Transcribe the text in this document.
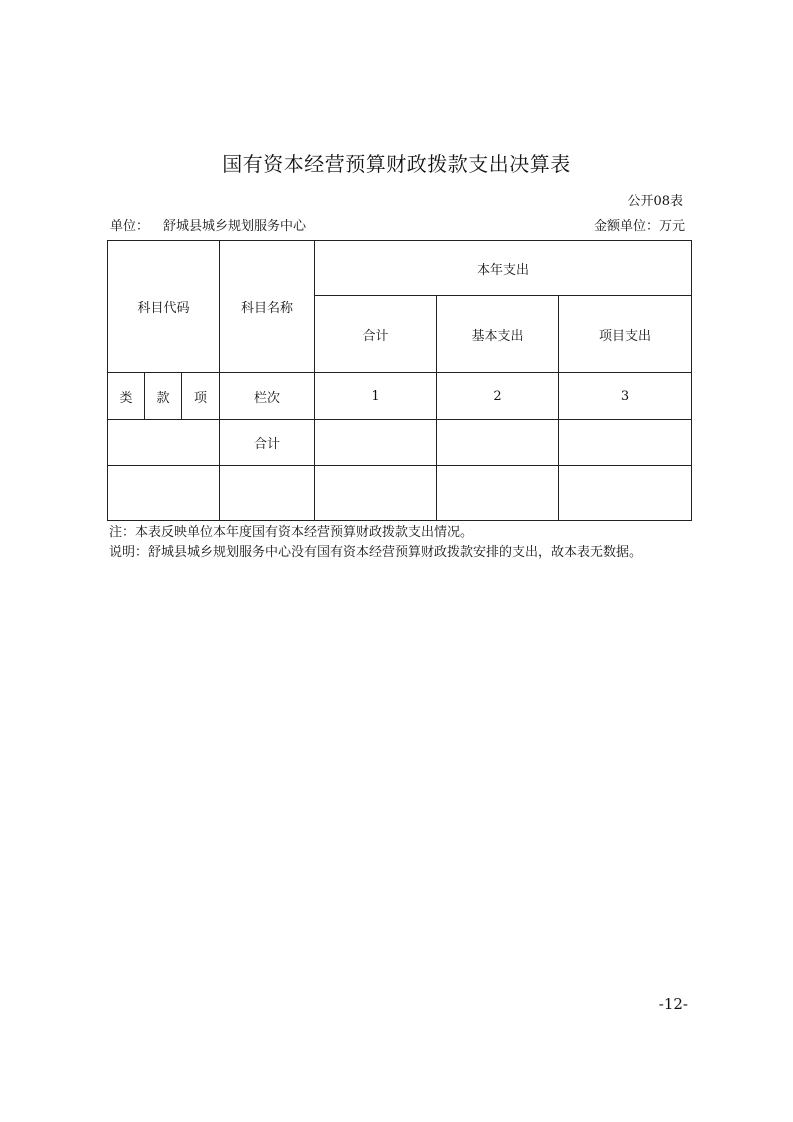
国有资本经营预算财政拨款支出决算表
公开08表
单位： 舒城县城乡规划服务中心	金额单位：万元
科目代码			科目名称	本年支出		
				合计	基本支出	项目支出
类	款	项	栏次	1	2	3
			合计			

注：本表反映单位本年度国有资本经营预算财政拨款支出情况。
说明：舒城县城乡规划服务中心没有国有资本经营预算财政拨款安排的支出，故本表无数据。
-12-
